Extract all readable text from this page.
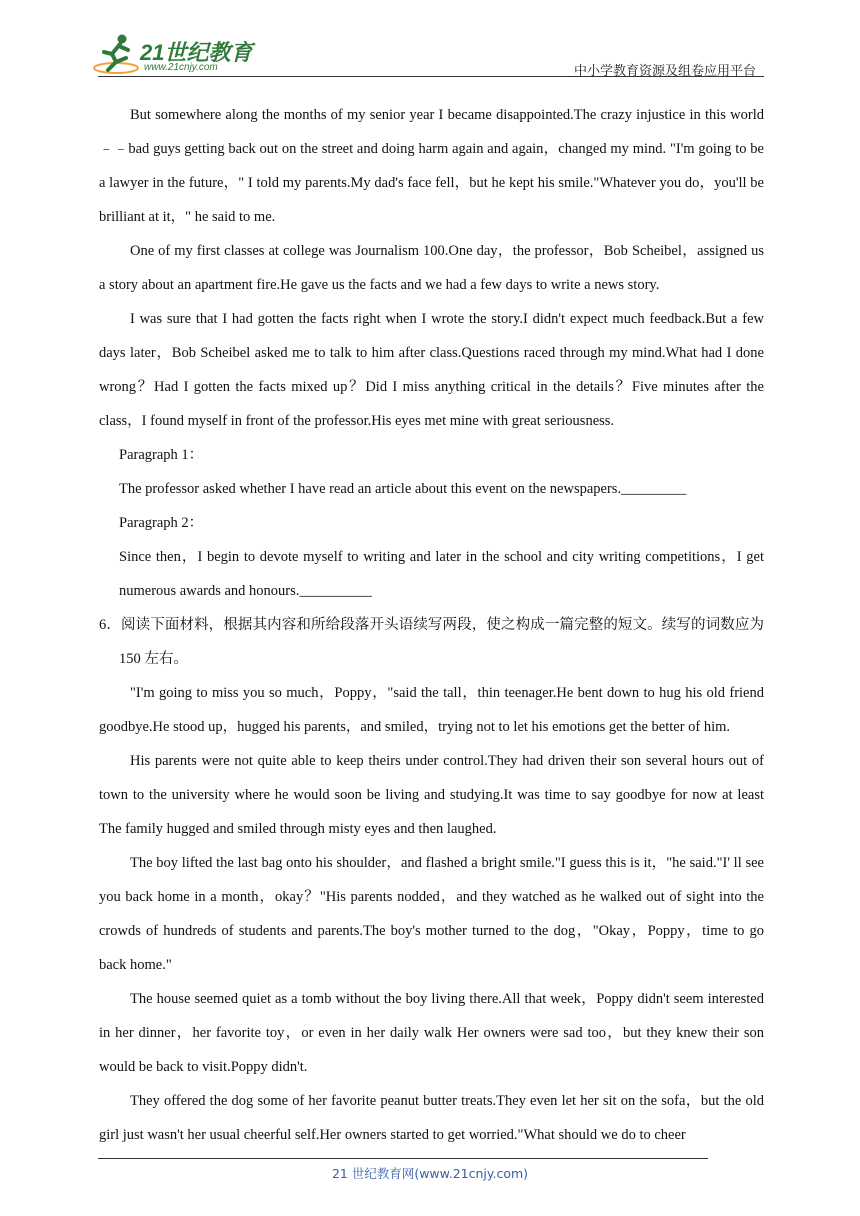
21世纪教育
www.21cnjy.com	中小学教育资源及组卷应用平台

But somewhere along the months of my senior year I became disappointed.The crazy injustice in this world﹣﹣bad guys getting back out on the street and doing harm again and again，changed my mind. "I'm going to be a lawyer in the future，" I told my parents.My dad's face fell，but he kept his smile."Whatever you do，you'll be brilliant at it，" he said to me.

One of my first classes at college was Journalism 100.One day，the professor，Bob Scheibel，assigned us a story about an apartment fire.He gave us the facts and we had a few days to write a news story.

I was sure that I had gotten the facts right when I wrote the story.I didn't expect much feedback.But a few days later，Bob Scheibel asked me to talk to him after class.Questions raced through my mind.What had I done wrong？Had I gotten the facts mixed up？Did I miss anything critical in the details？Five minutes after the class，I found myself in front of the professor.His eyes met mine with great seriousness.

Paragraph 1：

The professor asked whether I have read an article about this event on the newspapers._________

Paragraph 2：

Since then，I begin to devote myself to writing and later in the school and city writing competitions，I get numerous awards and honours.__________

6．阅读下面材料，根据其内容和所给段落开头语续写两段，使之构成一篇完整的短文。续写的词数应为 150 左右。

"I'm going to miss you so much，Poppy，"said the tall，thin teenager.He bent down to hug his old friend goodbye.He stood up，hugged his parents，and smiled，trying not to let his emotions get the better of him.

His parents were not quite able to keep theirs under control.They had driven their son several hours out of town to the university where he would soon be living and studying.It was time to say goodbye for now at least The family hugged and smiled through misty eyes and then laughed.

The boy lifted the last bag onto his shoulder，and flashed a bright smile."I guess this is it，"he said."I' ll see you back home in a month，okay？"His parents nodded，and they watched as he walked out of sight into the crowds of hundreds of students and parents.The boy's mother turned to the dog，"Okay，Poppy，time to go back home."

The house seemed quiet as a tomb without the boy living there.All that week，Poppy didn't seem interested in her dinner，her favorite toy，or even in her daily walk Her owners were sad too，but they knew their son would be back to visit.Poppy didn't.

They offered the dog some of her favorite peanut butter treats.They even let her sit on the sofa，but the old girl just wasn't her usual cheerful self.Her owners started to get worried."What should we do to cheer

21 世纪教育网(www.21cnjy.com)
